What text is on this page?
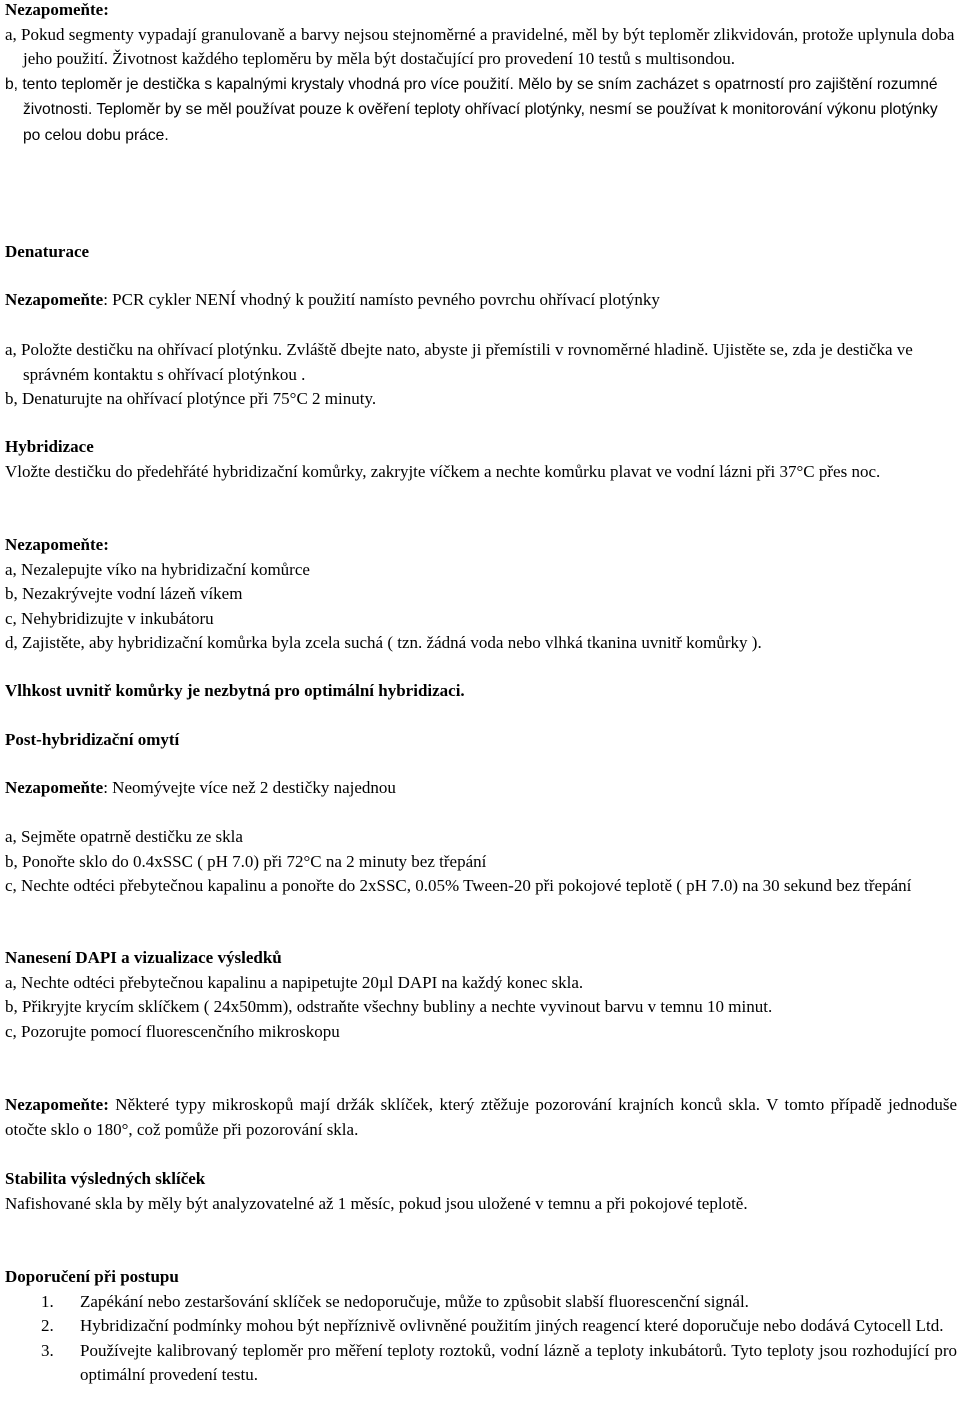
Nezapomeňte:

a, Pokud segmenty vypadají granulovaně a barvy nejsou stejnoměrné a pravidelné, měl by být teploměr zlikvidován, protože uplynula doba jeho použití. Životnost každého teploměru by měla být dostačující pro provedení 10 testů s multisondou.

b, tento teploměr je destička s kapalnými krystaly vhodná pro více použití. Mělo by se sním zacházet s opatrností pro zajištění rozumné životnosti. Teploměr by se měl používat pouze k ověření teploty ohřívací plotýnky, nesmí se používat k monitorování výkonu plotýnky po celou dobu práce.

Denaturace

Nezapomeňte: PCR cykler NENÍ vhodný k použití namísto pevného povrchu ohřívací plotýnky

a, Položte destičku na ohřívací plotýnku. Zvláště dbejte nato, abyste ji přemístili v rovnoměrné hladině. Ujistěte se, zda je destička ve správném kontaktu s ohřívací plotýnkou .

b, Denaturujte na ohřívací plotýnce při 75°C 2 minuty.

Hybridizace

Vložte destičku do předehřáté hybridizační komůrky, zakryjte víčkem a nechte komůrku plavat ve vodní lázni při 37°C přes noc.

Nezapomeňte:

a, Nezalepujte víko na hybridizační komůrce

b, Nezakrývejte vodní lázeň víkem

c, Nehybridizujte v inkubátoru

d, Zajistěte, aby hybridizační komůrka byla zcela suchá ( tzn. žádná voda nebo vlhká tkanina uvnitř komůrky ).

Vlhkost uvnitř komůrky je nezbytná pro optimální hybridizaci.

Post-hybridizační omytí

Nezapomeňte: Neomývejte více než 2 destičky najednou

a, Sejměte opatrně destičku ze skla

b, Ponořte sklo do 0.4xSSC ( pH 7.0) při 72°C na 2 minuty bez třepání

c, Nechte odtéci přebytečnou kapalinu a ponořte do 2xSSC, 0.05% Tween-20 při pokojové teplotě ( pH 7.0) na 30 sekund bez třepání

Nanesení DAPI a vizualizace výsledků

a, Nechte odtéci přebytečnou kapalinu a napipetujte 20µl DAPI na každý konec skla.

b, Přikryjte krycím sklíčkem ( 24x50mm), odstraňte všechny bubliny a nechte vyvinout barvu v temnu 10 minut.

c, Pozorujte pomocí fluorescenčního mikroskopu

Nezapomeňte: Některé typy mikroskopů mají držák sklíček, který ztěžuje pozorování krajních konců skla. V tomto případě jednoduše otočte sklo o 180°, což pomůže při pozorování skla.

Stabilita výsledných sklíček

Nafishované skla by měly být analyzovatelné až 1 měsíc, pokud jsou uložené v temnu a při pokojové teplotě.

Doporučení při postupu

1. Zapékání nebo zestaršování sklíček se nedoporučuje, může to způsobit slabší fluorescenční signál.
2. Hybridizační podmínky mohou být nepříznivě ovlivněné použitím jiných reagencí které doporučuje nebo dodává Cytocell Ltd.
3. Používejte kalibrovaný teploměr pro měření teploty roztoků, vodní lázně a teploty inkubátorů. Tyto teploty jsou rozhodující pro optimální provedení testu.
